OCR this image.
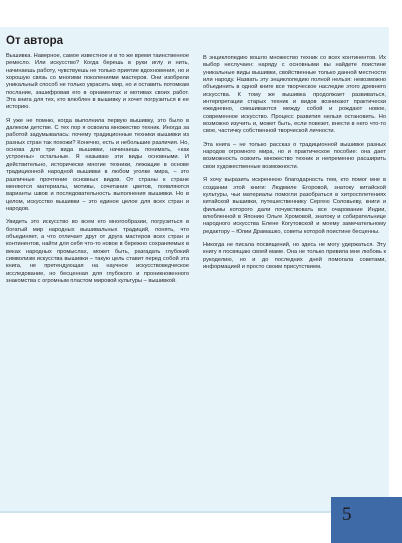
От автора

Вышивка. Наверное, самое известное и в то же время таинственное ремесло. Или искусство? Когда берешь в руки иглу и нить, начинаешь работу, чувствуешь не только приятие вдохновения, но и хорошую связь со многими поколениями мастеров. Они изобрели уникальный способ не только украсить мир, но и оставить потомкам послание, зашифровав его в орнаментах и мотивах своих работ. Эта книга для тех, кто влюблен в вышивку и хочет погрузиться в ее историю.

Я уже не помню, когда выполнила первую вышивку, это было в далеком детстве. С тех пор я освоила множество техник. Иногда за работой задумывалась: почему традиционные техники вышивки из разных стран так похожи? Конечно, есть и небольшие различия. Но, основа для три вида вышивки, начинаешь понимать, «как устроены» остальные. Я называю эти виды основными. И действительно, исторически многие техники, лежащие в основе традиционной народной вышивки в любом уголке мира, – это различные прочтение основных видов. От страны к стране меняются материалы, мотивы, сочетания цветов, появляются варианты швов и последовательность выполнения вышивки. Но в целом, искусство вышивки – это единое целое для всех стран и народов.

Увидеть это искусство во всем его многообразии, погрузиться в богатый мир народных вышивальных традиций, понять, что объединяет, а что отличает друг от друга мастеров всех стран и континентов, найти для себя что-то новое в бережно сохраняемых в веках народных промыслах, может быть, разгадать глубокий символизм искусства вышивки – такую цель ставит перед собой эта книга, не претендующая на научное искусствоведческое исследование, но бесценная для глубокого и проникновенного знакомства с огромным пластом мировой культуры – вышивкой.

В энциклопедию вошло множество техник со всех континентов. Их выбор неслучаен: наряду с основными вы найдете поистине уникальные виды вышивки, свойственные только данной местности или народу. Назвать эту энциклопедию полной нельзя: невозможно объединить в одной книге все творческое наследие этого древнего искусства. К тому же вышивка продолжает развиваться, интерпретации старых техник и видов возникают практически ежедневно, смешиваются между собой и рождают новое, современное искусство. Процесс развития нельзя остановить. Но возможно изучить и, может быть, если повезет, внести в него что-то свое, частичку собственной творческой личности.

Эта книга – не только рассказ о традиционной вышивке разных народов огромного мира, но и практическое пособие: она дает возможность освоить множество техник и непременно расширить свои художественные возможности.

Я хочу выразить искреннюю благодарность тем, кто помог мне в создании этой книги: Людмиле Егоровой, знатоку китайской культуры, чьи материалы помогли разобраться в хитросплетениях китайской вышивки, путешественнику Сергею Соловьеву, книги и фильмы которого дали почувствовать все очарование Индии, влюбленной в Японию Ольге Хромовой, знатоку и собирательнице народного искусства Елене Когутовской и моему замечательному редактору – Юлии Драмашко, советы которой поистине бесценны.

Никогда не писала посвящений, но здесь не могу удержаться. Эту книгу я посвящаю своей маме. Она не только привила мне любовь к рукоделию, но и до последних дней помогала советами, информацией и просто своим присутствием.

5
